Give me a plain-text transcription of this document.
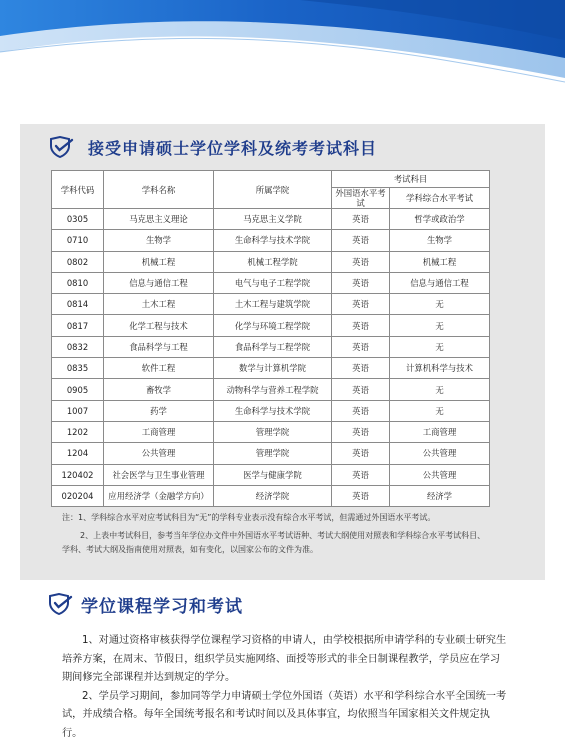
接受申请硕士学位学科及统考考试科目
学科代码	学科名称	所属学院	考试科目	
			外国语水平考试	学科综合水平考试
0305	马克思主义理论	马克思主义学院	英语	哲学或政治学
0710	生物学	生命科学与技术学院	英语	生物学
0802	机械工程	机械工程学院	英语	机械工程
0810	信息与通信工程	电气与电子工程学院	英语	信息与通信工程
0814	土木工程	土木工程与建筑学院	英语	无
0817	化学工程与技术	化学与环境工程学院	英语	无
0832	食品科学与工程	食品科学与工程学院	英语	无
0835	软件工程	数学与计算机学院	英语	计算机科学与技术
0905	畜牧学	动物科学与营养工程学院	英语	无
1007	药学	生命科学与技术学院	英语	无
1202	工商管理	管理学院	英语	工商管理
1204	公共管理	管理学院	英语	公共管理
120402	社会医学与卫生事业管理	医学与健康学院	英语	公共管理
020204	应用经济学（金融学方向）	经济学院	英语	经济学

注：1、学科综合水平对应考试科目为“无”的学科专业表示没有综合水平考试，但需通过外国语水平考试。

2、上表中考试科目，参考当年学位办文件中外国语水平考试语种、考试大纲使用对照表和学科综合水平考试科目、学科、考试大纲及指南使用对照表，如有变化，以国家公布的文件为准。

学位课程学习和考试

1、对通过资格审核获得学位课程学习资格的申请人，由学校根据所申请学科的专业硕士研究生培养方案，在周末、节假日，组织学员实施网络、面授等形式的非全日制课程教学，学员应在学习期间修完全部课程并达到规定的学分。

2、学员学习期间，参加同等学力申请硕士学位外国语（英语）水平和学科综合水平全国统一考试，并成绩合格。每年全国统考报名和考试时间以及具体事宜，均依照当年国家相关文件规定执行。
